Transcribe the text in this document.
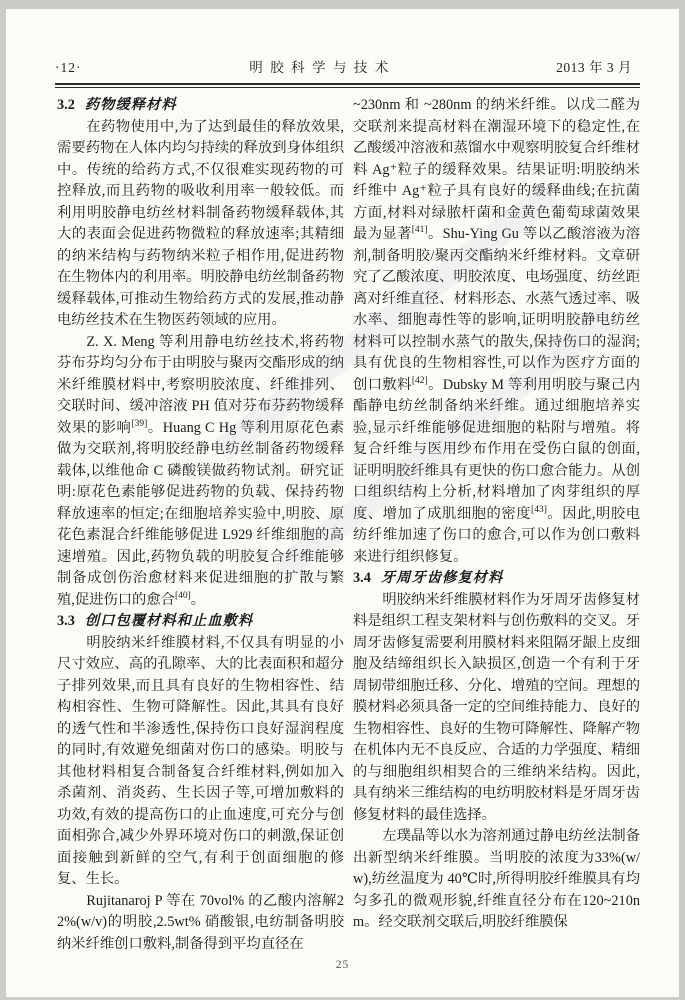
·12·	明胶科学与技术	2013 年 3 月
3.2 药物缓释材料
在药物使用中,为了达到最佳的释放效果,需要药物在人体内均匀持续的释放到身体组织中。传统的给药方式,不仅很难实现药物的可控释放,而且药物的吸收利用率一般较低。而利用明胶静电纺丝材料制备药物缓释载体,其大的表面会促进药物微粒的释放速率;其精细的纳米结构与药物纳米粒子相作用,促进药物在生物体内的利用率。明胶静电纺丝制备药物缓释载体,可推动生物给药方式的发展,推动静电纺丝技术在生物医药领域的应用。
Z. X. Meng 等利用静电纺丝技术,将药物芬布芬均匀分布于由明胶与聚丙交酯形成的纳米纤维膜材料中,考察明胶浓度、纤维排列、交联时间、缓冲溶液 PH 值对芬布芬药物缓释效果的影响[39]。Huang C Hg 等利用原花色素做为交联剂,将明胶经静电纺丝制备药物缓释载体,以维他命 C 磷酸镁做药物试剂。研究证明:原花色素能够促进药物的负载、保持药物释放速率的恒定;在细胞培养实验中,明胶、原花色素混合纤维能够促进 L929 纤维细胞的高速增殖。因此,药物负载的明胶复合纤维能够制备成创伤治愈材料来促进细胞的扩散与繁殖,促进伤口的愈合[40]。
3.3 创口包覆材料和止血敷料
明胶纳米纤维膜材料,不仅具有明显的小尺寸效应、高的孔隙率、大的比表面积和超分子排列效果,而且具有良好的生物相容性、结构相容性、生物可降解性。因此,其具有良好的透气性和半渗透性,保持伤口良好湿润程度的同时,有效避免细菌对伤口的感染。明胶与其他材料相复合制备复合纤维材料,例如加入杀菌剂、消炎药、生长因子等,可增加敷料的功效,有效的提高伤口的止血速度,可充分与创面相弥合,减少外界环境对伤口的刺激,保证创面接触到新鲜的空气,有利于创面细胞的修复、生长。
Rujitanaroj P 等在 70vol% 的乙酸内溶解22%(w/v)的明胶,2.5wt% 硝酸银,电纺制备明胶纳米纤维创口敷料,制备得到平均直径在
~230nm 和 ~280nm 的纳米纤维。以戊二醛为交联剂来提高材料在潮湿环境下的稳定性,在乙酸缓冲溶液和蒸馏水中观察明胶复合纤维材料 Ag⁺粒子的缓释效果。结果证明:明胶纳米纤维中 Ag⁺粒子具有良好的缓释曲线;在抗菌方面,材料对绿脓杆菌和金黄色葡萄球菌效果最为显著[41]。Shu-Ying Gu 等以乙酸溶液为溶剂,制备明胶/聚丙交酯纳米纤维材料。文章研究了乙酸浓度、明胶浓度、电场强度、纺丝距离对纤维直径、材料形态、水蒸气透过率、吸水率、细胞毒性等的影响,证明明胶静电纺丝材料可以控制水蒸气的散失,保持伤口的湿润;具有优良的生物相容性,可以作为医疗方面的创口敷料[42]。Dubsky M 等利用明胶与聚己内酯静电纺丝制备纳米纤维。通过细胞培养实验,显示纤维能够促进细胞的粘附与增殖。将复合纤维与医用纱布作用在受伤白鼠的创面,证明明胶纤维具有更快的伤口愈合能力。从创口组织结构上分析,材料增加了肉芽组织的厚度、增加了成肌细胞的密度[43]。因此,明胶电纺纤维加速了伤口的愈合,可以作为创口敷料来进行组织修复。
3.4 牙周牙齿修复材料
明胶纳米纤维膜材料作为牙周牙齿修复材料是组织工程支架材料与创伤敷料的交叉。牙周牙齿修复需要利用膜材料来阻隔牙龈上皮细胞及结缔组织长入缺损区,创造一个有利于牙周韧带细胞迁移、分化、增殖的空间。理想的膜材料必须具备一定的空间维持能力、良好的生物相容性、良好的生物可降解性、降解产物在机体内无不良反应、合适的力学强度、精细的与细胞组织相契合的三维纳米结构。因此,具有纳米三维结构的电纺明胶材料是牙周牙齿修复材料的最佳选择。
左璞晶等以水为溶剂通过静电纺丝法制备出新型纳米纤维膜。当明胶的浓度为33%(w/w),纺丝温度为 40℃时,所得明胶纤维膜具有均匀多孔的微观形貌,纤维直径分布在120~210nm。经交联剂交联后,明胶纤维膜保
25
